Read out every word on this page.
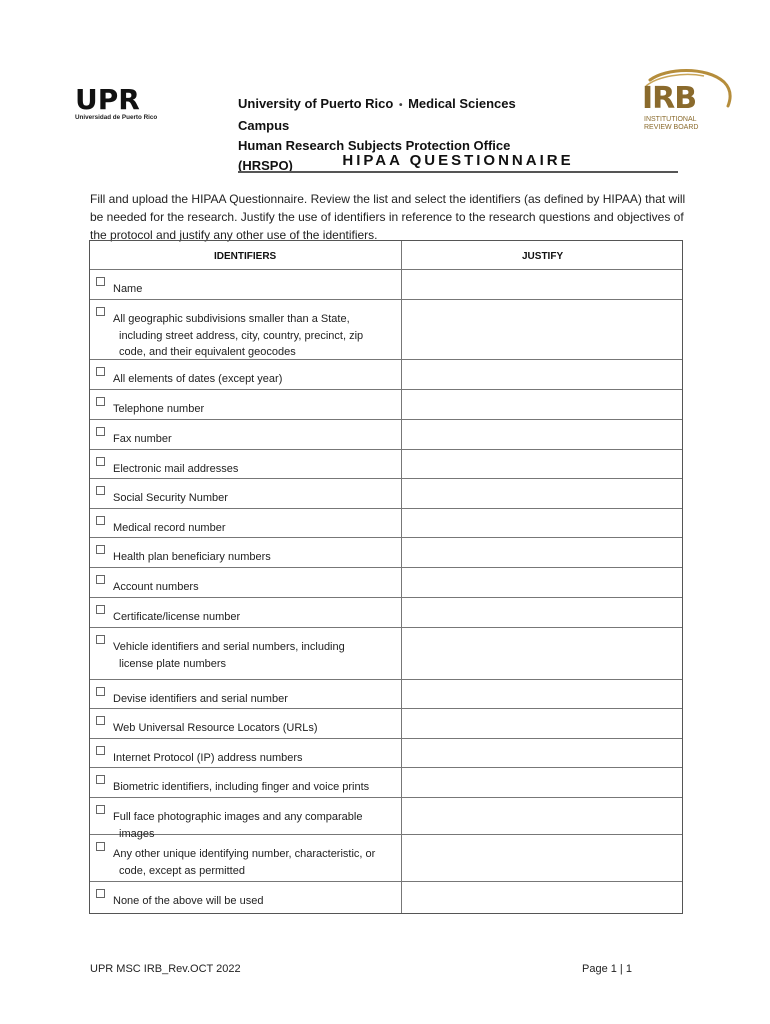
UPR
Universidad de Puerto Rico
University of Puerto Rico • Medical Sciences Campus
Human Research Subjects Protection Office (HRSPO)
IRB
INSTITUTIONAL
REVIEW BOARD
HIPAA QUESTIONNAIRE
Fill and upload the HIPAA Questionnaire. Review the list and select the identifiers (as defined by HIPAA) that will be needed for the research. Justify the use of identifiers in reference to the research questions and objectives of the protocol and justify any other use of the identifiers.
IDENTIFIERS	JUSTIFY
Name
All geographic subdivisions smaller than a State,
including street address, city, country, precinct, zip
code, and their equivalent geocodes
All elements of dates (except year)
Telephone number
Fax number
Electronic mail addresses
Social Security Number
Medical record number
Health plan beneficiary numbers
Account numbers
Certificate/license number
Vehicle identifiers and serial numbers, including
license plate numbers
Devise identifiers and serial number
Web Universal Resource Locators (URLs)
Internet Protocol (IP) address numbers
Biometric identifiers, including finger and voice prints
Full face photographic images and any comparable
images
Any other unique identifying number, characteristic, or
code, except as permitted
None of the above will be used
UPR MSC IRB_Rev.OCT 2022	Page 1 | 1
